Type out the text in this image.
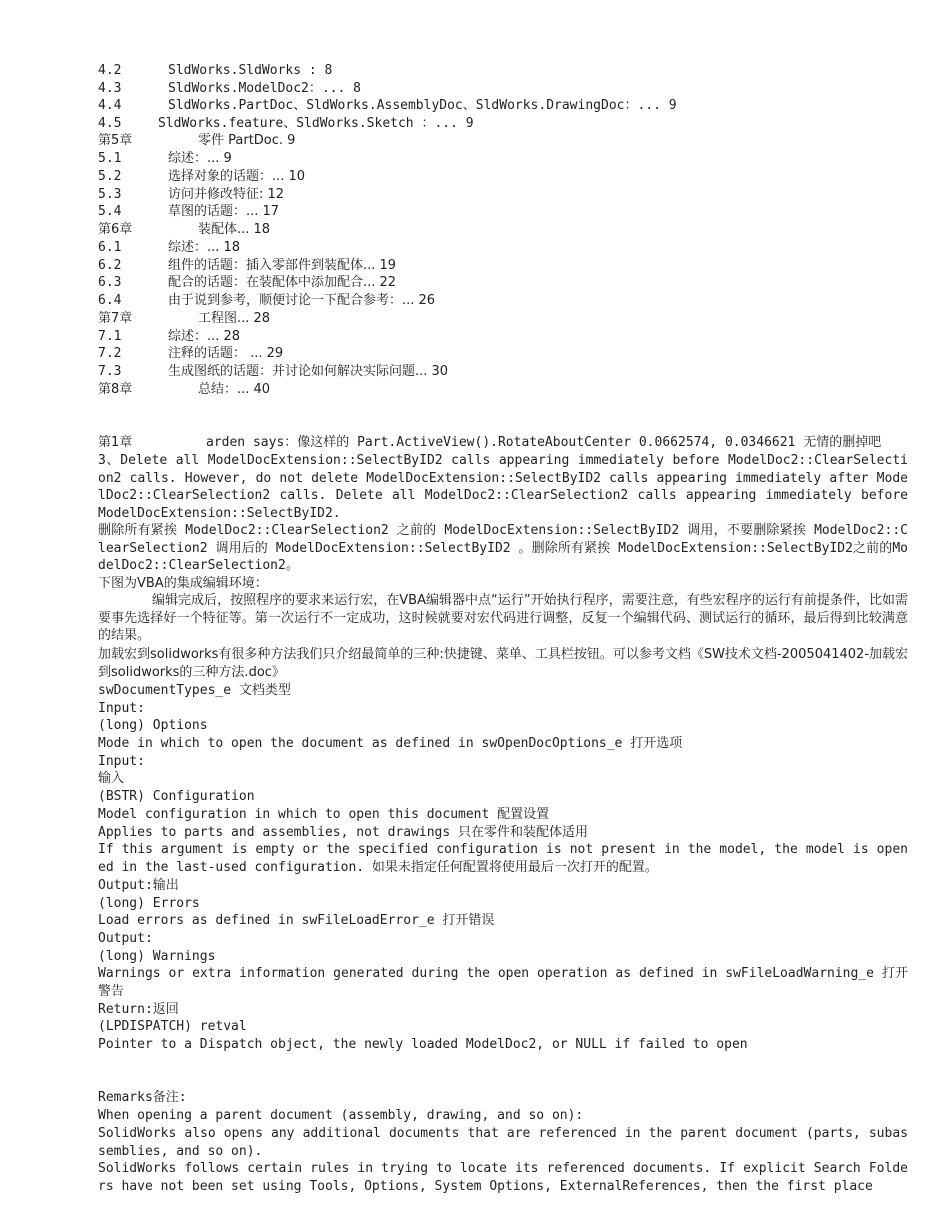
4.2	SldWorks.SldWorks : 8
4.3	SldWorks.ModelDoc2：... 8
4.4	SldWorks.PartDoc、SldWorks.AssemblyDoc、SldWorks.DrawingDoc：... 9
4.5	SldWorks.feature、SldWorks.Sketch ：... 9
第5章	零件 PartDoc. 9
5.1	综述：... 9
5.2	选择对象的话题：... 10
5.3	访问并修改特征: 12
5.4	草图的话题：... 17
第6章	装配体... 18
6.1	综述：... 18
6.2	组件的话题：插入零部件到装配体... 19
6.3	配合的话题：在装配体中添加配合... 22
6.4	由于说到参考，顺便讨论一下配合参考：... 26
第7章	工程图... 28
7.1	综述：... 28
7.2	注释的话题： ... 29
7.3	生成图纸的话题：并讨论如何解决实际问题... 30
第8章	总结：... 40
第1章	arden says：像这样的 Part.ActiveView().RotateAboutCenter 0.0662574, 0.0346621 无情的删掉吧
3、Delete all ModelDocExtension::SelectByID2 calls appearing immediately before ModelDoc2::ClearSelection2 calls. However, do not delete ModelDocExtension::SelectByID2 calls appearing immediately after ModelDoc2::ClearSelection2 calls. Delete all ModelDoc2::ClearSelection2 calls appearing immediately before ModelDocExtension::SelectByID2.
删除所有紧挨 ModelDoc2::ClearSelection2 之前的 ModelDocExtension::SelectByID2 调用，不要删除紧挨 ModelDoc2::ClearSelection2 调用后的 ModelDocExtension::SelectByID2 。删除所有紧挨 ModelDocExtension::SelectByID2之前的ModelDoc2::ClearSelection2。
下图为VBA的集成编辑环境：
编辑完成后，按照程序的要求来运行宏，在VBA编辑器中点“运行”开始执行程序，需要注意，有些宏程序的运行有前提条件，比如需要事先选择好一个特征等。第一次运行不一定成功，这时候就要对宏代码进行调整，反复一个编辑代码、测试运行的循环，最后得到比较满意的结果。
加载宏到solidworks有很多种方法我们只介绍最简单的三种:快捷键、菜单、工具栏按钮。可以参考文档《SW技术文档-2005041402-加载宏到solidworks的三种方法.doc》
swDocumentTypes_e 文档类型
Input:
(long) Options
Mode in which to open the document as defined in swOpenDocOptions_e 打开选项
Input:
输入
(BSTR) Configuration
Model configuration in which to open this document 配置设置
Applies to parts and assemblies, not drawings 只在零件和装配体适用
If this argument is empty or the specified configuration is not present in the model, the model is opened in the last-used configuration. 如果未指定任何配置将使用最后一次打开的配置。
Output:输出
(long) Errors
Load errors as defined in swFileLoadError_e 打开错误
Output:
(long) Warnings
Warnings or extra information generated during the open operation as defined in swFileLoadWarning_e 打开警告
Return:返回
(LPDISPATCH) retval
Pointer to a Dispatch object, the newly loaded ModelDoc2, or NULL if failed to open
Remarks备注:
When opening a parent document (assembly, drawing, and so on):
SolidWorks also opens any additional documents that are referenced in the parent document (parts, subassemblies, and so on).
SolidWorks follows certain rules in trying to locate its referenced documents. If explicit Search Folders have not been set using Tools, Options, System Options, ExternalReferences, then the first place
